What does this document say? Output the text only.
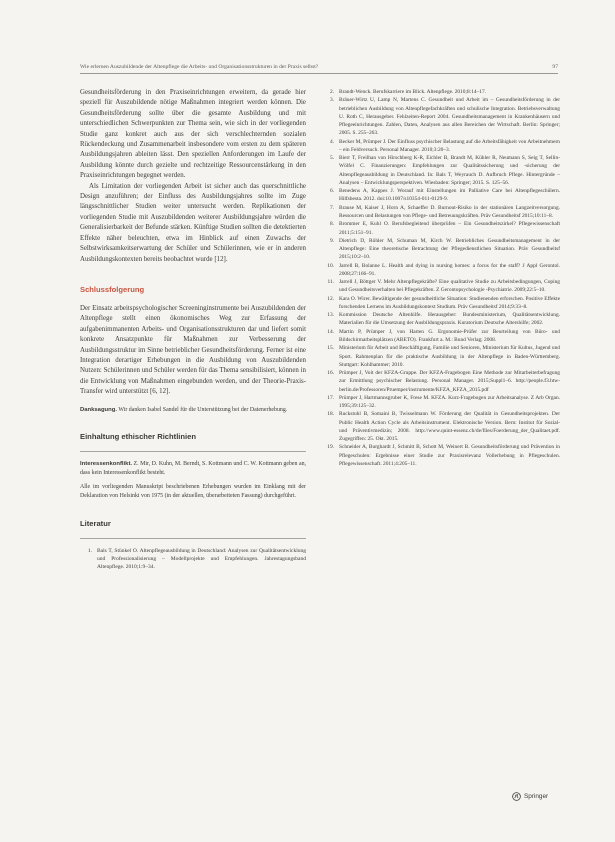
Wie erlernen Auszubildende der Altenpflege die Arbeits- und Organisationsstrukturen in der Praxis selbst?	97

Gesundheitsförderung in den Praxiseinrichtungen erweitern, da gerade hier speziell für Auszubildende nötige Maßnahmen integriert werden können. Die Gesundheitsförderung sollte über die gesamte Ausbildung und mit unterschiedlichen Schwerpunkten zur Thema sein, wie sich in der vorliegenden Studie ganz konkret auch aus der sich verschlechternden sozialen Rückendeckung und Zusammenarbeit insbesondere vom ersten zu dem späteren Ausbildungsjahren ableiten lässt. Den speziellen Anforderungen im Laufe der Ausbildung könnte durch gezielte und rechtzeitige Ressourcenstärkung in den Praxiseinrichtungen begegnet werden.

Als Limitation der vorliegenden Arbeit ist sicher auch das querschnittliche Design anzuführen; der Einfluss des Ausbildungsjahres sollte im Zuge längsschnittlicher Studien weiter untersucht werden. Replikationen der vorliegenden Studie mit Auszubildenden weiterer Ausbildungsjahre würden die Generalisierbarkeit der Befunde stärken. Künftige Studien sollten die detektierten Effekte näher beleuchten, etwa im Hinblick auf einen Zuwachs der Selbstwirksamkeitserwartung der Schüler und Schülerinnen, wie er in anderen Ausbildungskontexten bereits beobachtet wurde [12].

Schlussfolgerung

Der Einsatz arbeitspsychologischer Screeninginstrumente bei Auszubildenden der Altenpflege stellt einen ökonomisches Weg zur Erfassung der aufgabenimmanenten Arbeits- und Organisationsstrukturen dar und liefert somit konkrete Ansatzpunkte für Maßnahmen zur Verbesserung der Ausbildungsstruktur im Sinne betrieblicher Gesundheitsförderung. Ferner ist eine Integration derartiger Erhebungen in die Ausbildung von Auszubildenden Nutzen: Schülerinnen und Schüler werden für das Thema sensibilisiert, können in die Entwicklung von Maßnahmen eingebunden werden, und der Theorie-Praxis-Transfer wird unterstützt [6, 12].

Danksagung. Wir danken Isabel Sandel für die Unterstützung bei der Datenerhebung.

Einhaltung ethischer Richtlinien

Interessenkonflikt. Z. Mir, D. Kuhn, M. Berndt, S. Kottmann und C. W. Kottmann geben an, dass kein Interessenkonflikt besteht.

Alle im vorliegenden Manuskript beschriebenen Erhebungen wurden im Einklang mit der Deklaration von Helsinki von 1975 (in der aktuellen, überarbeiteten Fassung) durchgeführt.

Literatur
1. Bals T, Stünkel O. Altenpflegeausbildung in Deutschland: Analysen zur Qualitätsentwicklung und Professionalisierung – Modellprojekte und Empfehlungen. Jahrestagungsband Altenpflege. 2010;1:9–34.
2. Brandt-Wenck. Berufskarriere im Blick. Altenpflege. 2010;8:14–17.
3. Bräuer-Wirtz U, Lamp N, Martens C. Gesundheit und Arbeit im – Gesundheitsförderung in der betrieblichen Ausbildung von Altenpflegefachkräften und schulische Integration. Betriebsverwaltung U. Roth C, Herausgeber. Fehlzeiten-Report 2004. Gesundheitsmanagement in Krankenhäusern und Pflegeeinrichtungen. Zahlen, Daten, Analysen aus allen Bereichen der Wirtschaft. Berlin: Springer; 2005. S. 255–263.
4. Becker M, Prümper J. Der Einfluss psychischer Belastung auf die Arbeitsfähigkeit von Arbeitnehmern – ein Feldversuch. Personal Manager. 2010;3:20–3.
5. Bierr T, Freilhan von Hirschberg K-R, Eichler B, Brandt M, Kühler R, Neumann S, Seig T, Sellin-Wölfel C. Finanzierungen: Empfehlungen zur Qualitätssicherung und -sicherung der Altenpflegeausbildung in Deutschland. In: Bals T, Weyrauch D. Aufbruch Pflege. Hintergründe – Analysen – Entwicklungsperspektiven. Wiesbaden: Springer; 2015. S. 125–56.
6. Benedens A, Kappes J. Worauf mit Einstellungen im Palliative Care bei Altenpflegeschülern. Hilfsbesta. 2012. doi:10.1007/s10354-011-0129-9.
7. Brause M, Kaiser J, Horn A, Schaeffer D. Burnout-Risiko in der stationären Langzeitversorgung. Ressourcen und Belastungen von Pflege- und Betreuungskräften. Präv Gesundheitsf 2015;10:11–8.
8. Brommer E, Kuhl O. Berufsbegleitend überprüfen – Ein Gesundheitszirkel? Pflegewissenschaft 2011;5:151–91.
9. Dietrich D, Röhler M, Schuman M, Kirch W. Betriebliches Gesundheitsmanagement in der Altenpflege: Eine theoretische Betrachtung der Pflegedienstlichen Situation. Präv Gesundheitsf 2015;10:2–10.
10. Jarrell B, Bolanne L. Health and dying in nursing homes: a focus for the staff? J Appl Gerontol. 2008;27:166–91.
11. Jarrell J, Böttger V. Mehr Altenpflegekräfte? Eine qualitative Studie zu Arbeitsbedingungen, Coping und Gesundheitsverhalten bei Pflegekräften. Z Gerontopsychologie -Psychiatrie. 2009;22:5–10.
12. Kara O. Wirer. Bewältigende der gesundheitliche Situation: Studienenden erforschen. Positive Effekte forschenden Lernens im Ausbildungskontext Studium. Präv Gesundheitsf 2014;9:33–8.
13. Kommission Deutsche Altenhilfe. Herausgeber: Bundesministerium, Qualitätsentwicklung. Materialien für die Umsetzung der Ausbildungspraxis. Kuratorium Deutsche Altershilfe; 2002.
14. Martin P, Prümper J, von Harten G. Ergonomie-Prüfer zur Beurteilung von Büro- und Bildschirmarbeitsplätzen (ABETO). Frankfurt a. M.: Bund Verlag; 2008.
15. Ministerium für Arbeit und Beschäftigung, Familie und Senioren, Ministerium für Kultus, Jugend und Sport. Rahmenplan für die praktische Ausbildung in der Altenpflege in Baden-Württemberg. Stuttgart: Kohlhammer; 2010.
16. Prümper J, Voit der KFZA-Gruppe. Der KFZA-Fragebogen Eine Methode zur Mitarbeiterbefragung zur Ermittlung psychischer Belastung. Personal Manager. 2015;Suppl1–6. http://people.f3.htw-berlin.de/Professoren/Pruemper/instrumente/KFZA_KFZA_2015.pdf
17. Prümper J, Hartmannsgruber K, Frese M. KFZA. Kurz-Fragebogen zur Arbeitsanalyse. Z Arb Organ. 1995;39:125–32.
18. Ruckstuhl B, Somaini B, Twisselmann W. Förderung der Qualität in Gesundheitsprojekten. Der Public Health Action Cycle als Arbeitsinstrument. Elektronische Version. Bern: Institut für Sozial- und Präventivmedizin; 2008. http://www.quint-essenz.ch/de/files/Foerderung_der_Qualitaet.pdf. Zugegriffen: 25. Okt. 2015.
19. Schneider A, Burghardt J, Schmitt B, Schott M, Weinert B. Gesundheitsförderung und Prävention in Pflegeschulen: Ergebnisse einer Studie zur Praxisrelevanz Vollerhebung in Pflegeschulen. Pflegewissenschaft. 2011;4:205–11.
Springer
